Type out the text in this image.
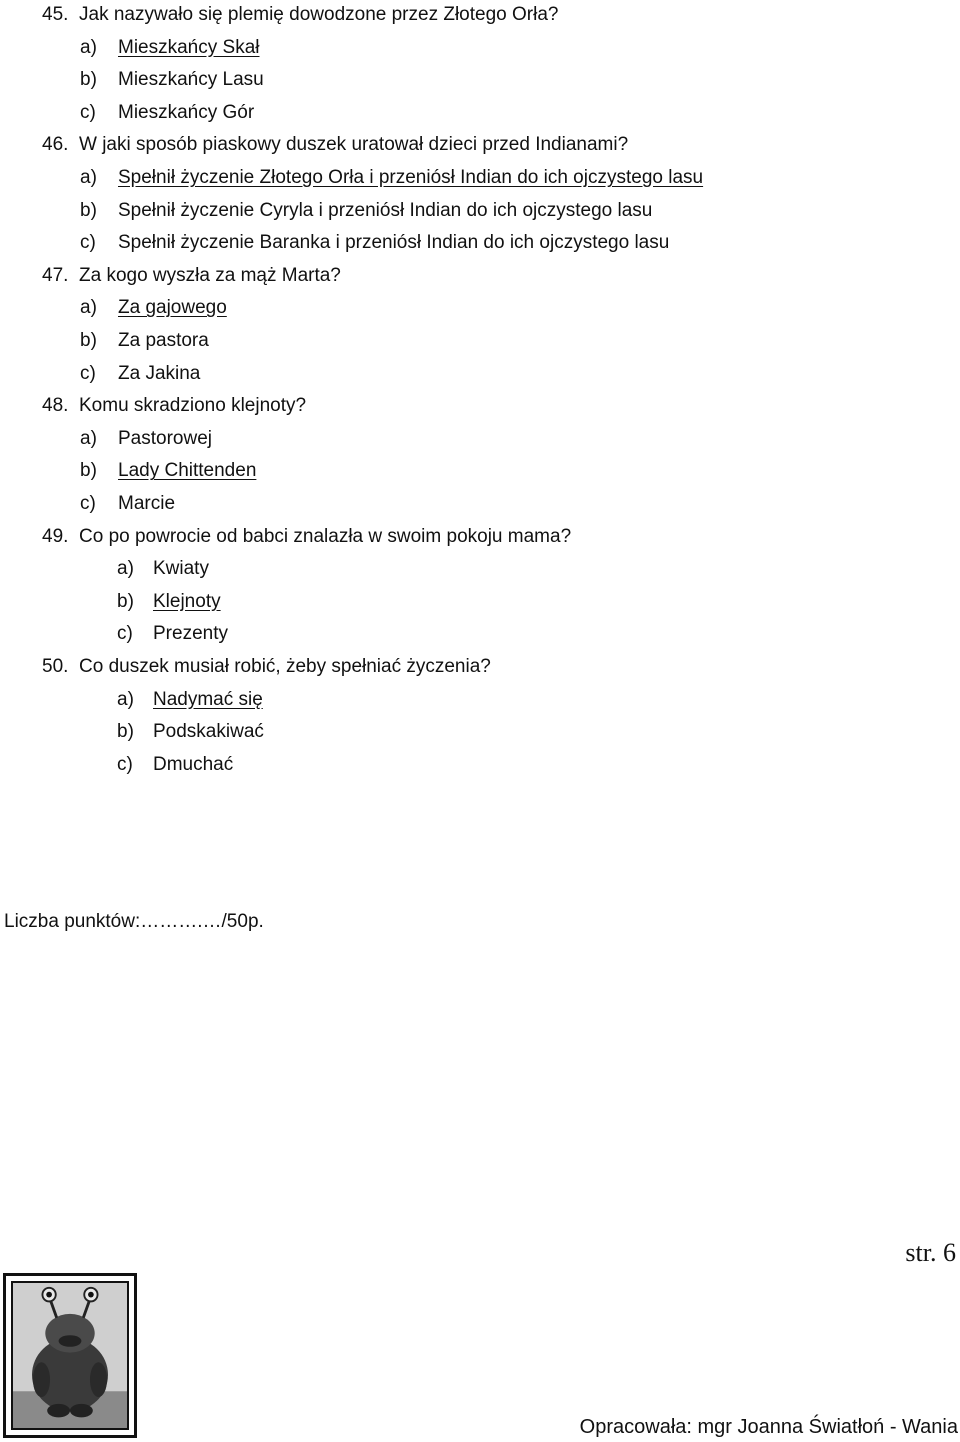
45. Jak nazywało się plemię dowodzone przez Złotego Orła?
a) Mieszkańcy Skał
b) Mieszkańcy Lasu
c) Mieszkańcy Gór
46. W jaki sposób piaskowy duszek uratował dzieci przed Indianami?
a) Spełnił życzenie Złotego Orła i przeniósł Indian do ich ojczystego lasu
b) Spełnił życzenie Cyryla i przeniósł Indian do ich ojczystego lasu
c) Spełnił życzenie Baranka i przeniósł Indian do ich ojczystego lasu
47. Za kogo wyszła za mąż Marta?
a) Za gajowego
b) Za pastora
c) Za Jakina
48. Komu skradziono klejnoty?
a) Pastorowej
b) Lady Chittenden
c) Marcie
49. Co po powrocie od babci znalazła w swoim pokoju mama?
a) Kwiaty
b) Klejnoty
c) Prezenty
50. Co duszek musiał robić, żeby spełniać życzenia?
a) Nadymać się
b) Podskakiwać
c) Dmuchać
Liczba punktów:……….…/50p.
str. 6
Opracowała: mgr Joanna Światłoń - Wania
